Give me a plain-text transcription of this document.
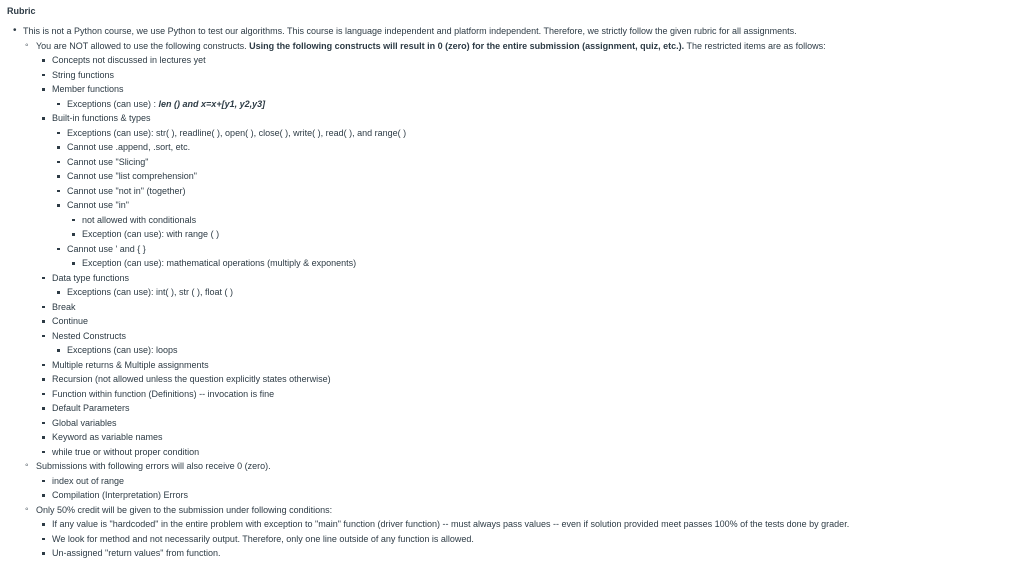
Rubric
• This is not a Python course, we use Python to test our algorithms. This course is language independent and platform independent. Therefore, we strictly follow the given rubric for all assignments.
◦ You are NOT allowed to use the following constructs. Using the following constructs will result in 0 (zero) for the entire submission (assignment, quiz, etc.). The restricted items are as follows:
Concepts not discussed in lectures yet
String functions
Member functions
Exceptions (can use) : len () and x=x+[y1, y2,y3]
Built-in functions & types
Exceptions (can use): str( ), readline( ), open( ), close( ), write( ), read( ), and range( )
Cannot use .append, .sort, etc.
Cannot use "Slicing"
Cannot use "list comprehension"
Cannot use "not in" (together)
Cannot use "in"
not allowed with conditionals
Exception (can use): with range ( )
Cannot use ' and { }
Exception (can use): mathematical operations (multiply & exponents)
Data type functions
Exceptions (can use): int( ), str ( ), float ( )
Break
Continue
Nested Constructs
Exceptions (can use): loops
Multiple returns & Multiple assignments
Recursion (not allowed unless the question explicitly states otherwise)
Function within function (Definitions) -- invocation is fine
Default Parameters
Global variables
Keyword as variable names
while true or without proper condition
◦ Submissions with following errors will also receive 0 (zero).
index out of range
Compilation (Interpretation) Errors
◦ Only 50% credit will be given to the submission under following conditions:
If any value is "hardcoded" in the entire problem with exception to "main" function (driver function) -- must always pass values -- even if solution provided meet passes 100% of the tests done by grader.
We look for method and not necessarily output. Therefore, only one line outside of any function is allowed.
Un-assigned "return values" from function.
